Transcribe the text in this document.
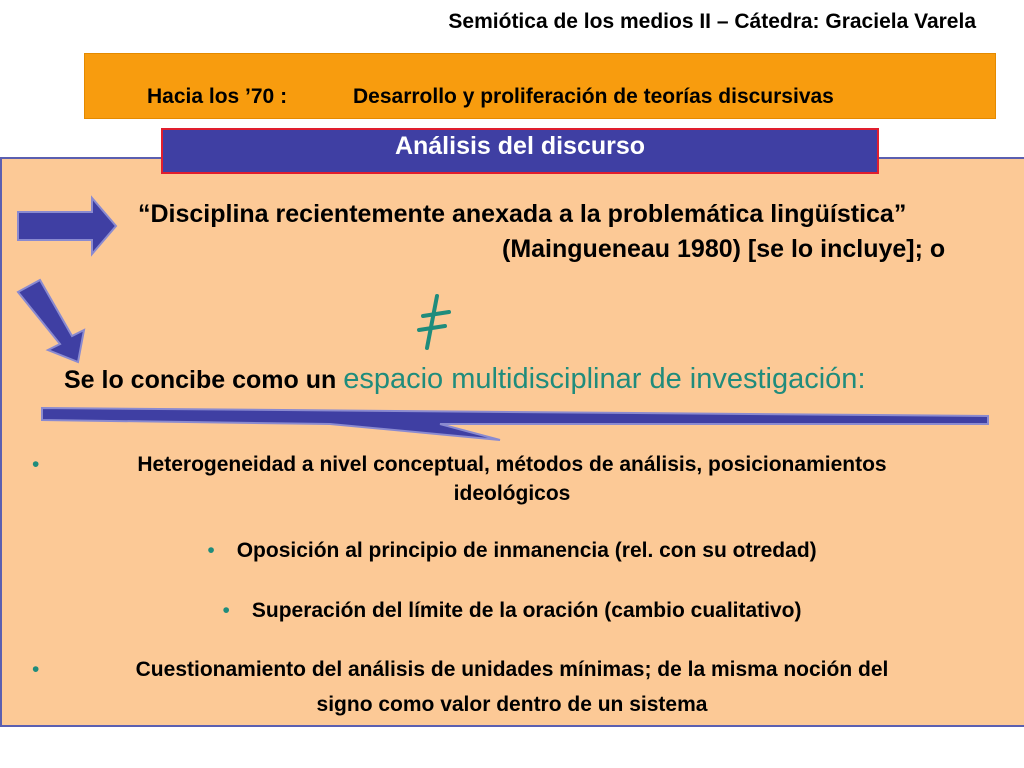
Semiótica de los medios II – Cátedra: Graciela Varela
Hacia los ’70 :	Desarrollo y proliferación de teorías discursivas
Análisis del discurso
“Disciplina recientemente anexada a la problemática lingüística”
(Maingueneau 1980) [se lo incluye]; o
Se lo concibe como un espacio multidisciplinar de investigación:
•	Heterogeneidad a nivel conceptual, métodos de análisis, posicionamientos
ideológicos
• Oposición al principio de inmanencia (rel. con su otredad)
• Superación del límite de la oración (cambio cualitativo)
•	Cuestionamiento del análisis de unidades mínimas; de la misma noción del
signo como valor dentro de un sistema
